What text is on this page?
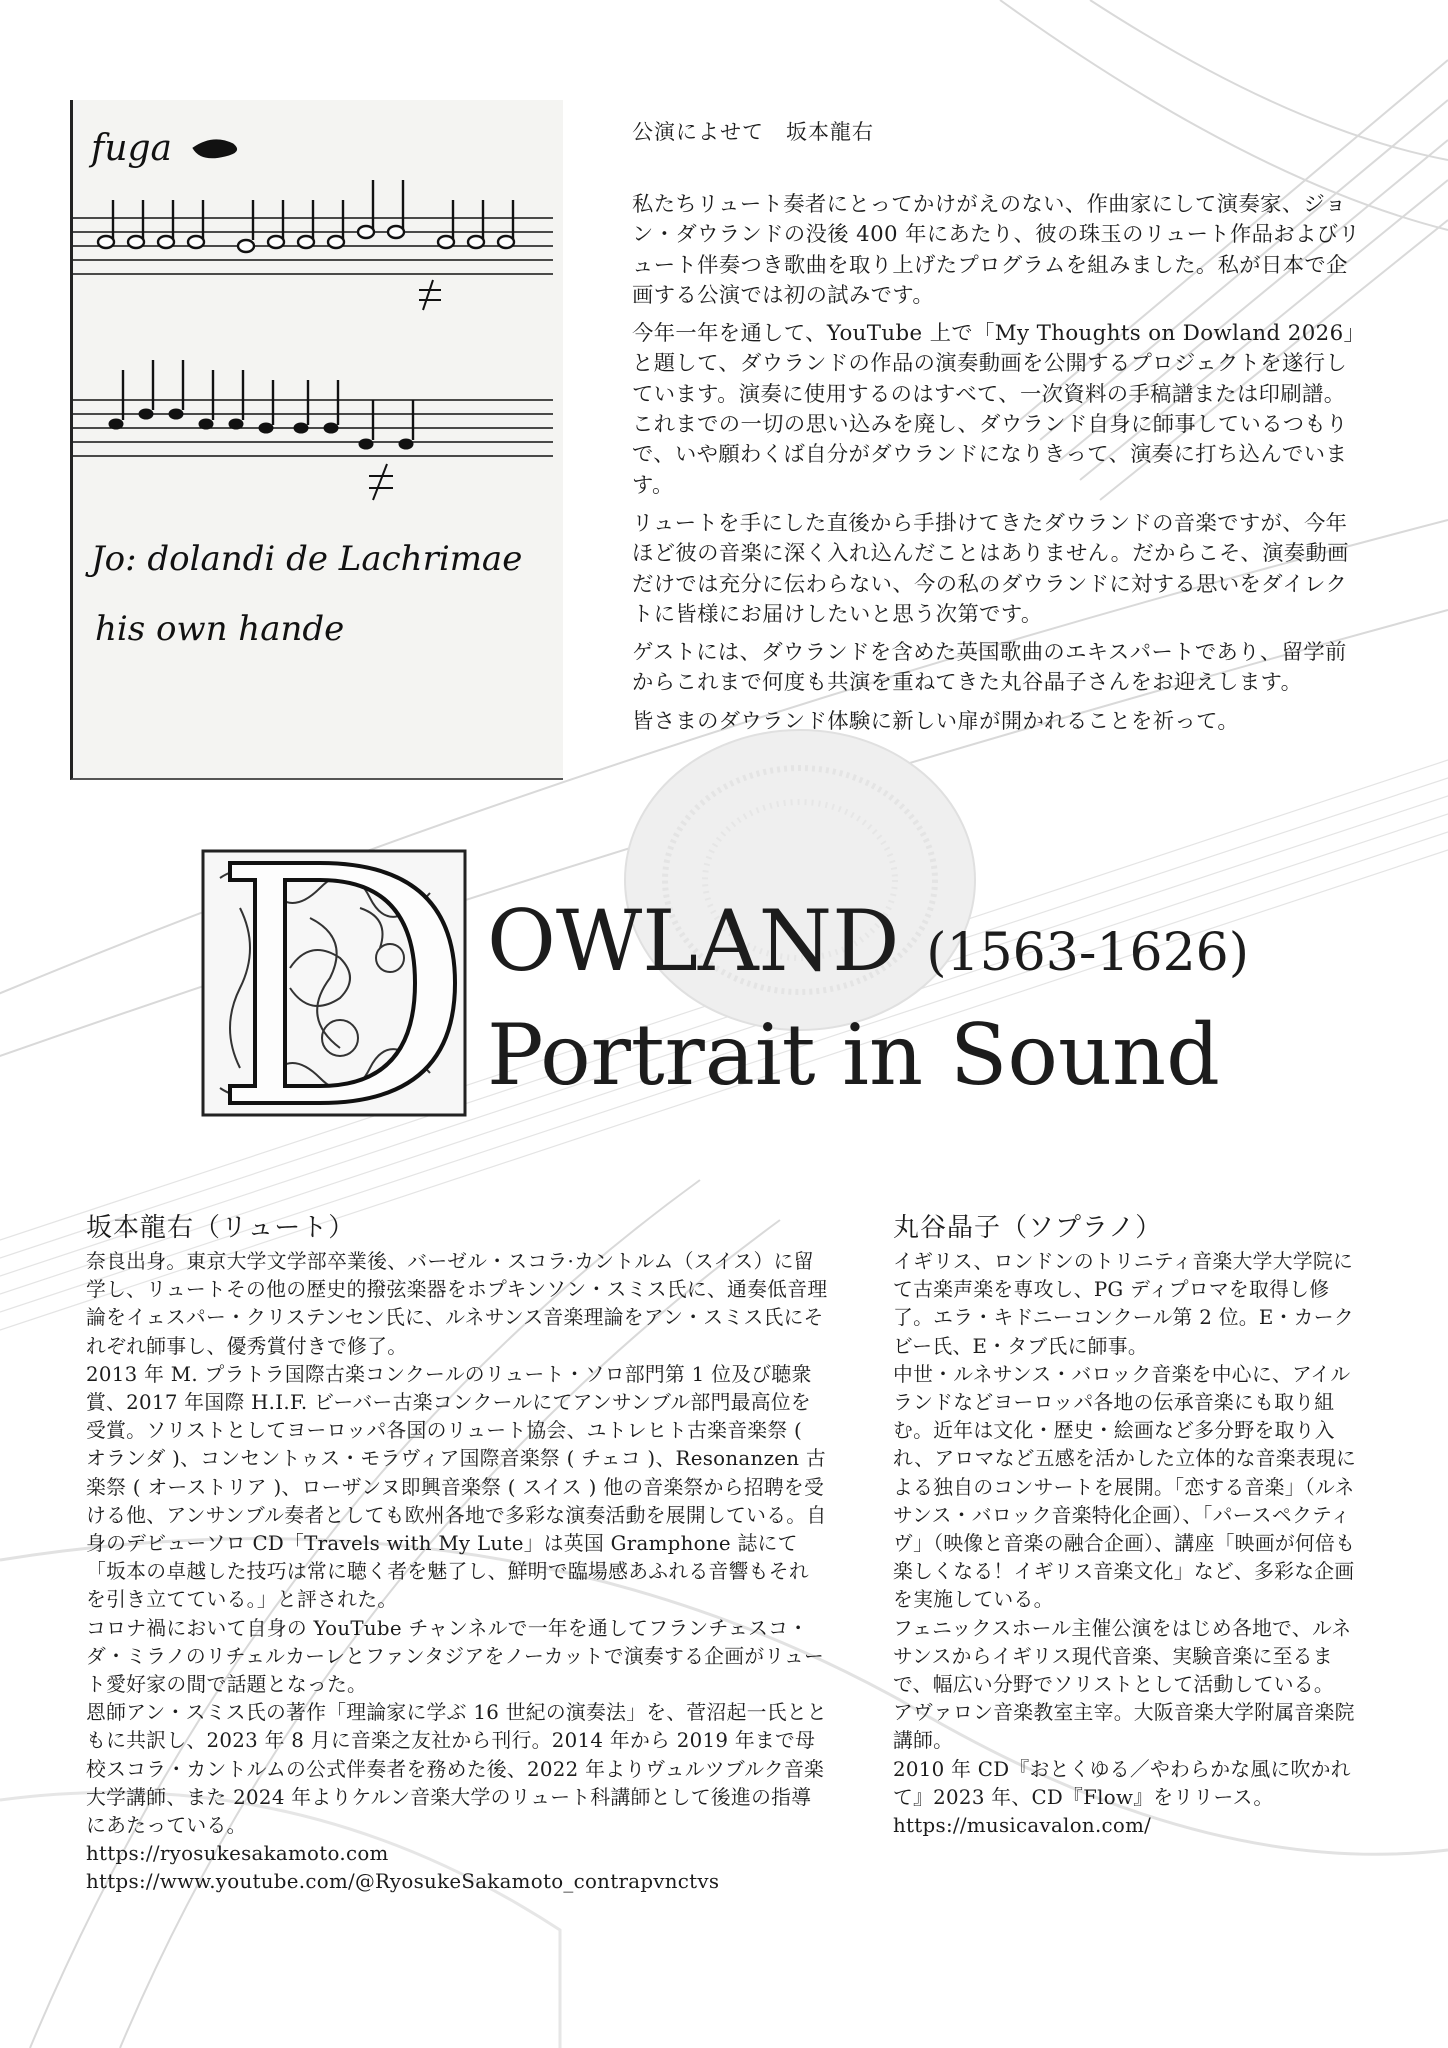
fuga
Jo: dolandi de Lachrimae
his own hande
公演によせて　坂本龍右

私たちリュート奏者にとってかけがえのない、作曲家にして演奏家、ジョン・ダウランドの没後 400 年にあたり、彼の珠玉のリュート作品およびリュート伴奏つき歌曲を取り上げたプログラムを組みました。私が日本で企画する公演では初の試みです。

今年一年を通して、YouTube 上で「My Thoughts on Dowland 2026」と題して、ダウランドの作品の演奏動画を公開するプロジェクトを遂行しています。演奏に使用するのはすべて、一次資料の手稿譜または印刷譜。これまでの一切の思い込みを廃し、ダウランド自身に師事しているつもりで、いや願わくば自分がダウランドになりきって、演奏に打ち込んでいます。

リュートを手にした直後から手掛けてきたダウランドの音楽ですが、今年ほど彼の音楽に深く入れ込んだことはありません。だからこそ、演奏動画だけでは充分に伝わらない、今の私のダウランドに対する思いをダイレクトに皆様にお届けしたいと思う次第です。

ゲストには、ダウランドを含めた英国歌曲のエキスパートであり、留学前からこれまで何度も共演を重ねてきた丸谷晶子さんをお迎えします。

皆さまのダウランド体験に新しい扉が開かれることを祈って。

OWLAND (1563-1626)
Portrait in Sound
坂本龍右（リュート）

奈良出身。東京大学文学部卒業後、バーゼル・スコラ·カントルム（スイス）に留学し、リュートその他の歴史的撥弦楽器をホプキンソン・スミス氏に、通奏低音理論をイェスパー・クリステンセン氏に、ルネサンス音楽理論をアン・スミス氏にそれぞれ師事し、優秀賞付きで修了。

2013 年 M. プラトラ国際古楽コンクールのリュート・ソロ部門第 1 位及び聴衆賞、2017 年国際 H.I.F. ビーバー古楽コンクールにてアンサンブル部門最高位を受賞。ソリストとしてヨーロッパ各国のリュート協会、ユトレヒト古楽音楽祭 ( オランダ )、コンセントゥス・モラヴィア国際音楽祭 ( チェコ )、Resonanzen 古楽祭 ( オーストリア )、ローザンヌ即興音楽祭 ( スイス ) 他の音楽祭から招聘を受ける他、アンサンブル奏者としても欧州各地で多彩な演奏活動を展開している。自身のデビューソロ CD「Travels with My Lute」は英国 Gramphone 誌にて「坂本の卓越した技巧は常に聴く者を魅了し、鮮明で臨場感あふれる音響もそれを引き立てている。」と評された。

コロナ禍において自身の YouTube チャンネルで一年を通してフランチェスコ・ダ・ミラノのリチェルカーレとファンタジアをノーカットで演奏する企画がリュート愛好家の間で話題となった。

恩師アン・スミス氏の著作「理論家に学ぶ 16 世紀の演奏法」を、菅沼起一氏とともに共訳し、2023 年 8 月に音楽之友社から刊行。2014 年から 2019 年まで母校スコラ・カントルムの公式伴奏者を務めた後、2022 年よりヴュルツブルク音楽大学講師、また 2024 年よりケルン音楽大学のリュート科講師として後進の指導にあたっている。

https://ryosukesakamoto.com
https://www.youtube.com/@RyosukeSakamoto_contrapvnctvs
丸谷晶子（ソプラノ）

イギリス、ロンドンのトリニティ音楽大学大学院にて古楽声楽を専攻し、PG ディプロマを取得し修了。エラ・キドニーコンクール第 2 位。E・カークビー氏、E・タブ氏に師事。

中世・ルネサンス・バロック音楽を中心に、アイルランドなどヨーロッパ各地の伝承音楽にも取り組む。近年は文化・歴史・絵画など多分野を取り入れ、アロマなど五感を活かした立体的な音楽表現による独自のコンサートを展開。「恋する音楽」（ルネサンス・バロック音楽特化企画）、「パースペクティヴ」（映像と音楽の融合企画）、講座「映画が何倍も楽しくなる！イギリス音楽文化」など、多彩な企画を実施している。

フェニックスホール主催公演をはじめ各地で、ルネサンスからイギリス現代音楽、実験音楽に至るまで、幅広い分野でソリストとして活動している。

アヴァロン音楽教室主宰。大阪音楽大学附属音楽院講師。

2010 年 CD『おとくゆる／やわらかな風に吹かれて』2023 年、CD『Flow』をリリース。

https://musicavalon.com/
